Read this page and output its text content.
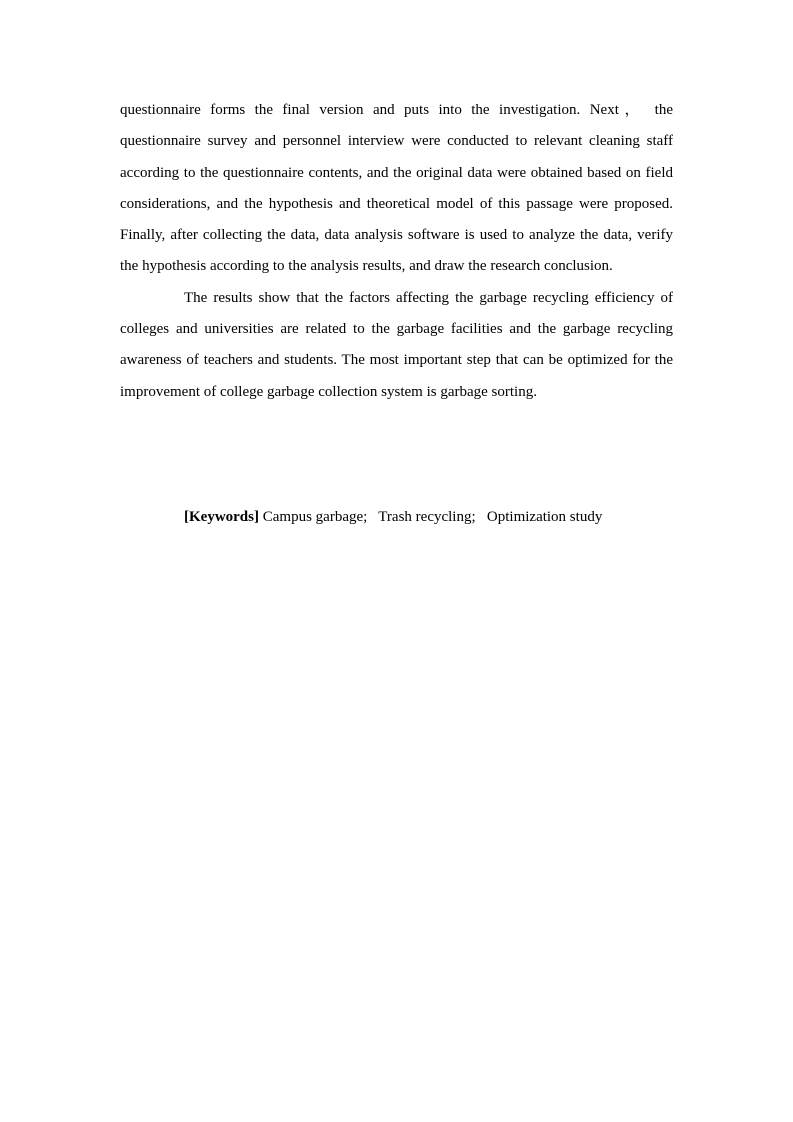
questionnaire forms the final version and puts into the investigation. Next， the questionnaire survey and personnel interview were conducted to relevant cleaning staff according to the questionnaire contents, and the original data were obtained based on field considerations, and the hypothesis and theoretical model of this passage were proposed. Finally, after collecting the data, data analysis software is used to analyze the data, verify the hypothesis according to the analysis results, and draw the research conclusion.

The results show that the factors affecting the garbage recycling efficiency of colleges and universities are related to the garbage facilities and the garbage recycling awareness of teachers and students. The most important step that can be optimized for the improvement of college garbage collection system is garbage sorting.

[Keywords] Campus garbage; Trash recycling; Optimization study
